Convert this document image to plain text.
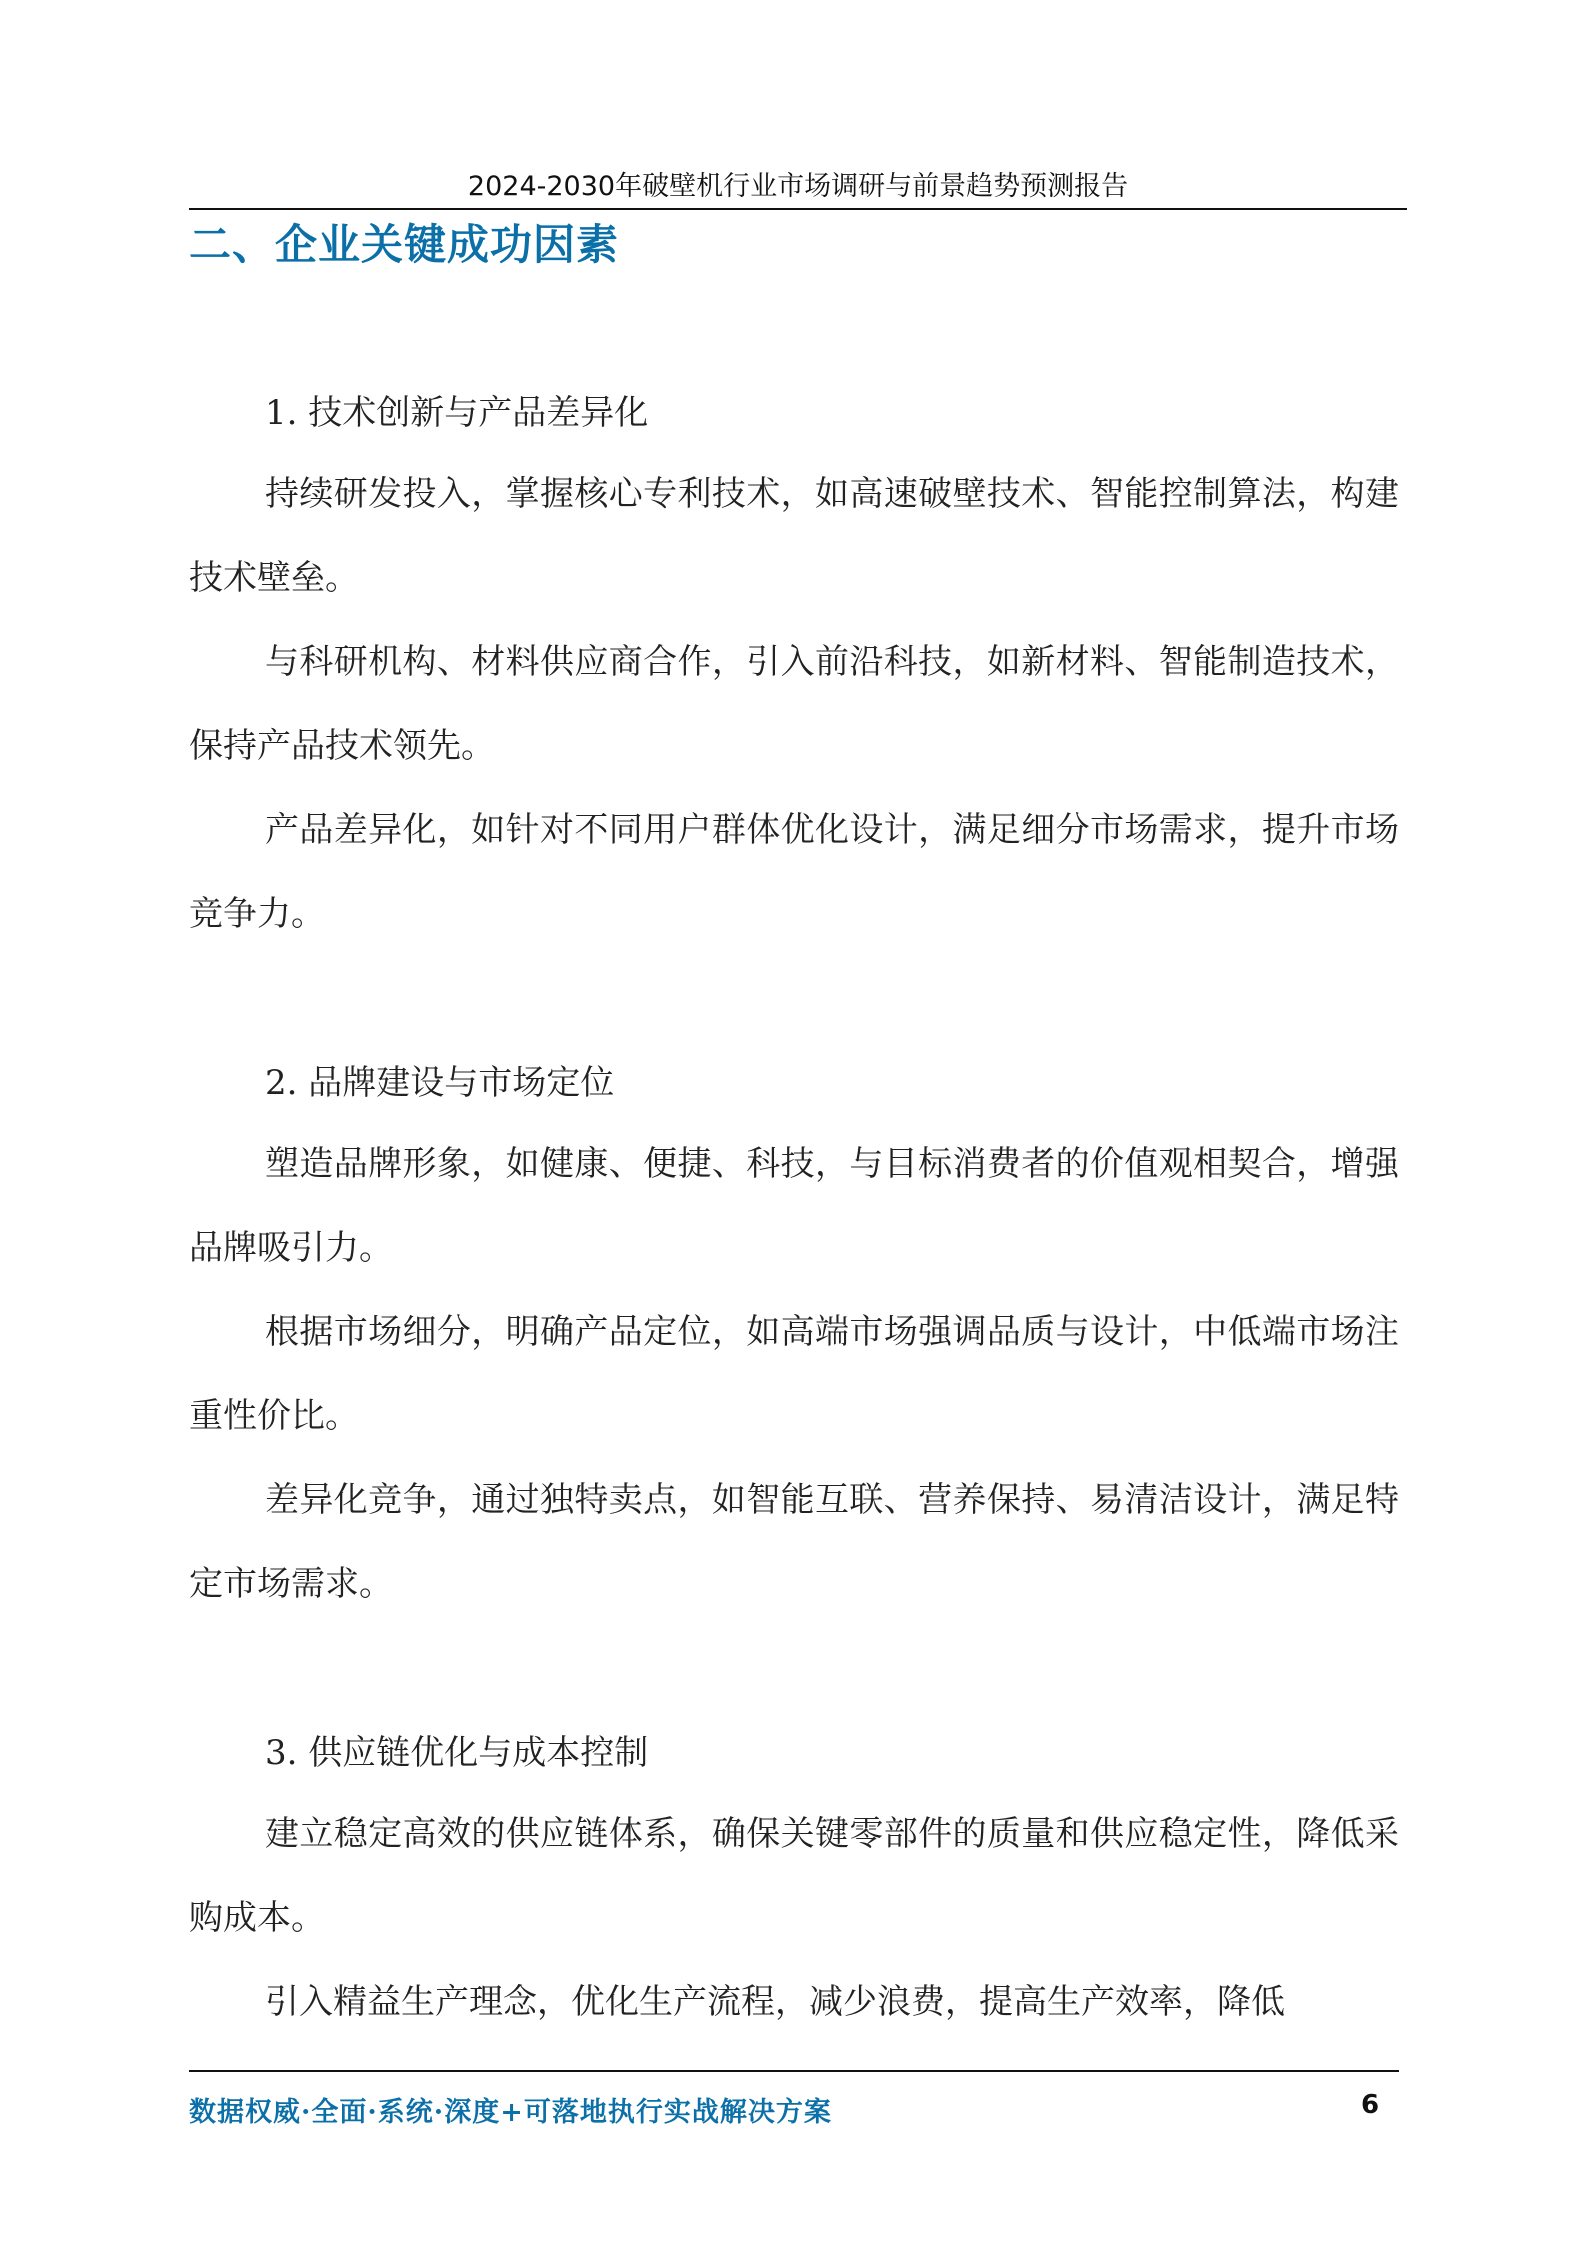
2024-2030年破壁机行业市场调研与前景趋势预测报告
二、企业关键成功因素
1. 技术创新与产品差异化

持续研发投入，掌握核心专利技术，如高速破壁技术、智能控制算法，构建技术壁垒。

与科研机构、材料供应商合作，引入前沿科技，如新材料、智能制造技术，保持产品技术领先。

产品差异化，如针对不同用户群体优化设计，满足细分市场需求，提升市场竞争力。

2. 品牌建设与市场定位

塑造品牌形象，如健康、便捷、科技，与目标消费者的价值观相契合，增强品牌吸引力。

根据市场细分，明确产品定位，如高端市场强调品质与设计，中低端市场注重性价比。

差异化竞争，通过独特卖点，如智能互联、营养保持、易清洁设计，满足特定市场需求。

3. 供应链优化与成本控制

建立稳定高效的供应链体系，确保关键零部件的质量和供应稳定性，降低采购成本。

引入精益生产理念，优化生产流程，减少浪费，提高生产效率，降低

数据权威·全面·系统·深度+可落地执行实战解决方案	6
